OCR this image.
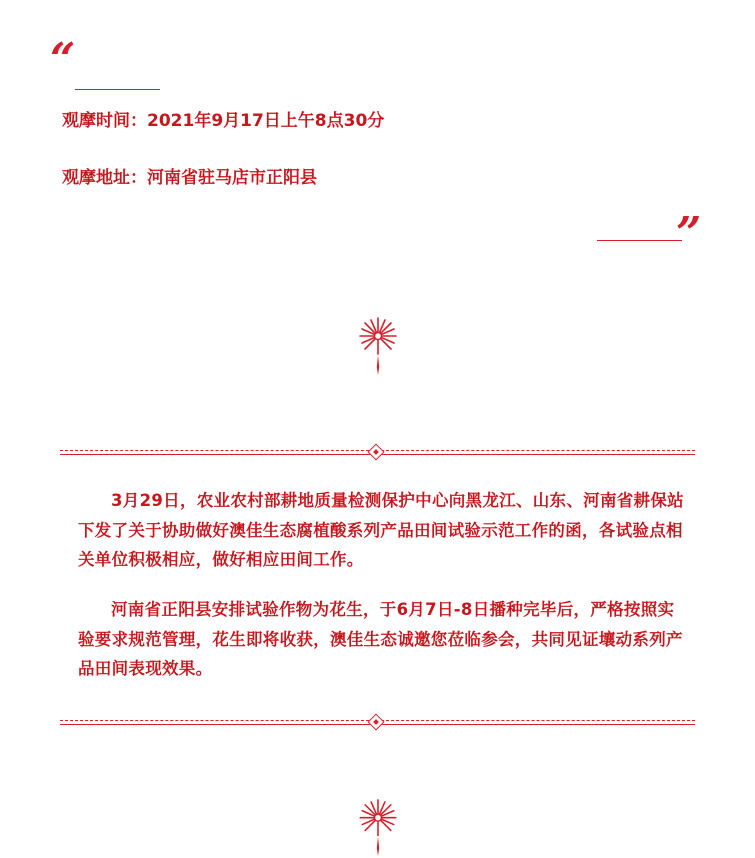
“
观摩时间：2021年9月17日上午8点30分
观摩地址：河南省驻马店市正阳县
”

3月29日，农业农村部耕地质量检测保护中心向黑龙江、山东、河南省耕保站下发了关于协助做好澳佳生态腐植酸系列产品田间试验示范工作的函，各试验点相关单位积极相应，做好相应田间工作。

河南省正阳县安排试验作物为花生，于6月7日-8日播种完毕后，严格按照实验要求规范管理，花生即将收获，澳佳生态诚邀您莅临参会，共同见证壤动系列产品田间表现效果。
